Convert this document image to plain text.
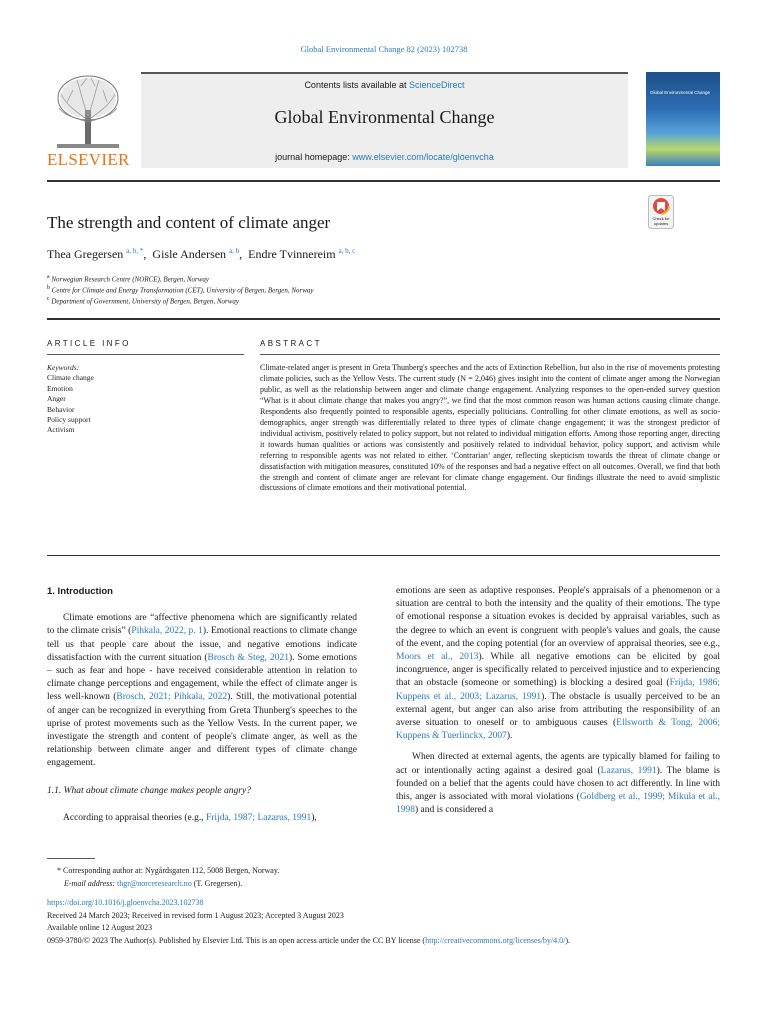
Global Environmental Change 82 (2023) 102738
ELSEVIER
Contents lists available at ScienceDirect
Global Environmental Change
journal homepage: www.elsevier.com/locate/gloenvcha
Global Environmental Change
The strength and content of climate anger	Check for updates
Thea Gregersen $^{a, b, *}$,  Gisle Andersen $^{a, b}$,  Endre Tvinnereim $^{a, b, c}$
$^a$ Norwegian Research Centre (NORCE), Bergen, Norway
$^b$ Centre for Climate and Energy Transformation (CET), University of Bergen, Bergen, Norway
$^c$ Department of Government, University of Bergen, Bergen, Norway
ARTICLE INFO	ABSTRACT
Keywords:
Climate change
Emotion
Anger
Behavior
Policy support
Activism
Climate-related anger is present in Greta Thunberg's speeches and the acts of Extinction Rebellion, but also in the rise of movements protesting climate policies, such as the Yellow Vests. The current study (N = 2,046) gives insight into the content of climate anger among the Norwegian public, as well as the relationship between anger and climate change engagement. Analyzing responses to the open-ended survey question “What is it about climate change that makes you angry?”, we find that the most common reason was human actions causing climate change. Respondents also frequently pointed to responsible agents, especially politicians. Controlling for other climate emotions, as well as socio-demographics, anger strength was differentially related to three types of climate change engagement; it was the strongest predictor of individual activism, positively related to policy support, but not related to individual mitigation efforts. Among those reporting anger, directing it towards human qualities or actions was consistently and positively related to individual behavior, policy support, and activism while referring to responsible agents was not related to either. ‘Contrarian’ anger, reflecting skepticism towards the threat of climate change or dissatisfaction with mitigation measures, constituted 10% of the responses and had a negative effect on all outcomes. Overall, we find that both the strength and content of climate anger are relevant for climate change engagement. Our findings illustrate the need to avoid simplistic discussions of climate emotions and their motivational potential.

1. Introduction

Climate emotions are “affective phenomena which are significantly related to the climate crisis” (Pihkala, 2022, p. 1). Emotional reactions to climate change tell us that people care about the issue, and negative emotions indicate dissatisfaction with the current situation (Brosch & Steg, 2021). Some emotions – such as fear and hope - have received considerable attention in relation to climate change perceptions and engagement, while the effect of climate anger is less well-known (Brosch, 2021; Pihkala, 2022). Still, the motivational potential of anger can be recognized in everything from Greta Thunberg's speeches to the uprise of protest movements such as the Yellow Vests. In the current paper, we investigate the strength and content of people's climate anger, as well as the relationship between climate anger and different types of climate change engagement.

1.1. What about climate change makes people angry?

According to appraisal theories (e.g., Frijda, 1987; Lazarus, 1991),

emotions are seen as adaptive responses. People's appraisals of a phenomenon or a situation are central to both the intensity and the quality of their emotions. The type of emotional response a situation evokes is decided by appraisal variables, such as the degree to which an event is congruent with people's values and goals, the cause of the event, and the coping potential (for an overview of appraisal theories, see e.g., Moors et al., 2013). While all negative emotions can be elicited by goal incongruence, anger is specifically related to perceived injustice and to experiencing that an obstacle (someone or something) is blocking a desired goal (Frijda, 1986; Kuppens et al., 2003; Lazarus, 1991). The obstacle is usually perceived to be an external agent, but anger can also arise from attributing the responsibility of an averse situation to oneself or to ambiguous causes (Ellsworth & Tong, 2006; Kuppens & Tuerlinckx, 2007).

When directed at external agents, the agents are typically blamed for failing to act or intentionally acting against a desired goal (Lazarus, 1991). The blame is founded on a belief that the agents could have chosen to act differently. In line with this, anger is associated with moral violations (Goldberg et al., 1999; Mikula et al., 1998) and is considered a

* Corresponding author at: Nygårdsgaten 112, 5008 Bergen, Norway.
E-mail address: thgr@norceresearch.no (T. Gregersen).
https://doi.org/10.1016/j.gloenvcha.2023.102738
Received 24 March 2023; Received in revised form 1 August 2023; Accepted 3 August 2023
Available online 12 August 2023
0959-3780/© 2023 The Author(s). Published by Elsevier Ltd. This is an open access article under the CC BY license (http://creativecommons.org/licenses/by/4.0/).
